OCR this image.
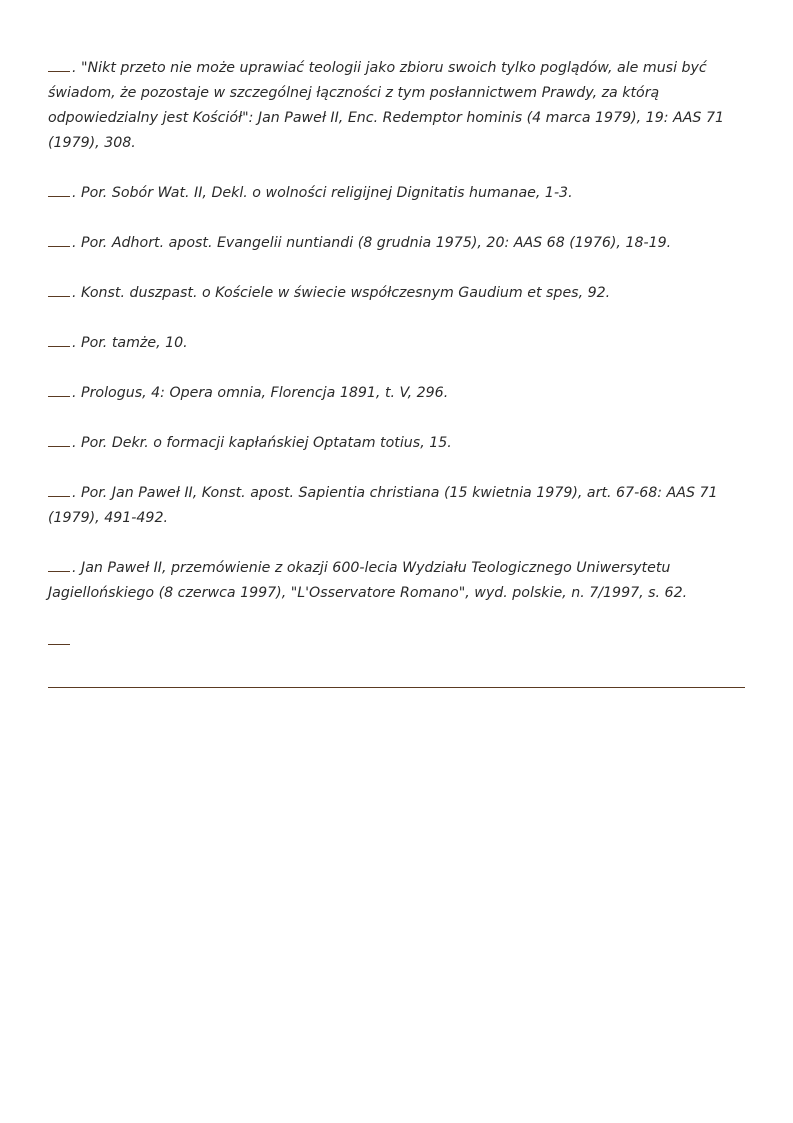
. "Nikt przeto nie może uprawiać teologii jako zbioru swoich tylko poglądów, ale musi być świadom, że pozostaje w szczególnej łączności z tym posłannictwem Prawdy, za którą odpowiedzialny jest Kościół": Jan Paweł II, Enc. Redemptor hominis (4 marca 1979), 19: AAS 71 (1979), 308.

. Por. Sobór Wat. II, Dekl. o wolności religijnej Dignitatis humanae, 1-3.

. Por. Adhort. apost. Evangelii nuntiandi (8 grudnia 1975), 20: AAS 68 (1976), 18-19.

. Konst. duszpast. o Kościele w świecie współczesnym Gaudium et spes, 92.

. Por. tamże, 10.

. Prologus, 4: Opera omnia, Florencja 1891, t. V, 296.

. Por. Dekr. o formacji kapłańskiej Optatam totius, 15.

. Por. Jan Paweł II, Konst. apost. Sapientia christiana (15 kwietnia 1979), art. 67-68: AAS 71 (1979), 491-492.

. Jan Paweł II, przemówienie z okazji 600-lecia Wydziału Teologicznego Uniwersytetu Jagiellońskiego (8 czerwca 1997), "L'Osservatore Romano", wyd. polskie, n. 7/1997, s. 62.
